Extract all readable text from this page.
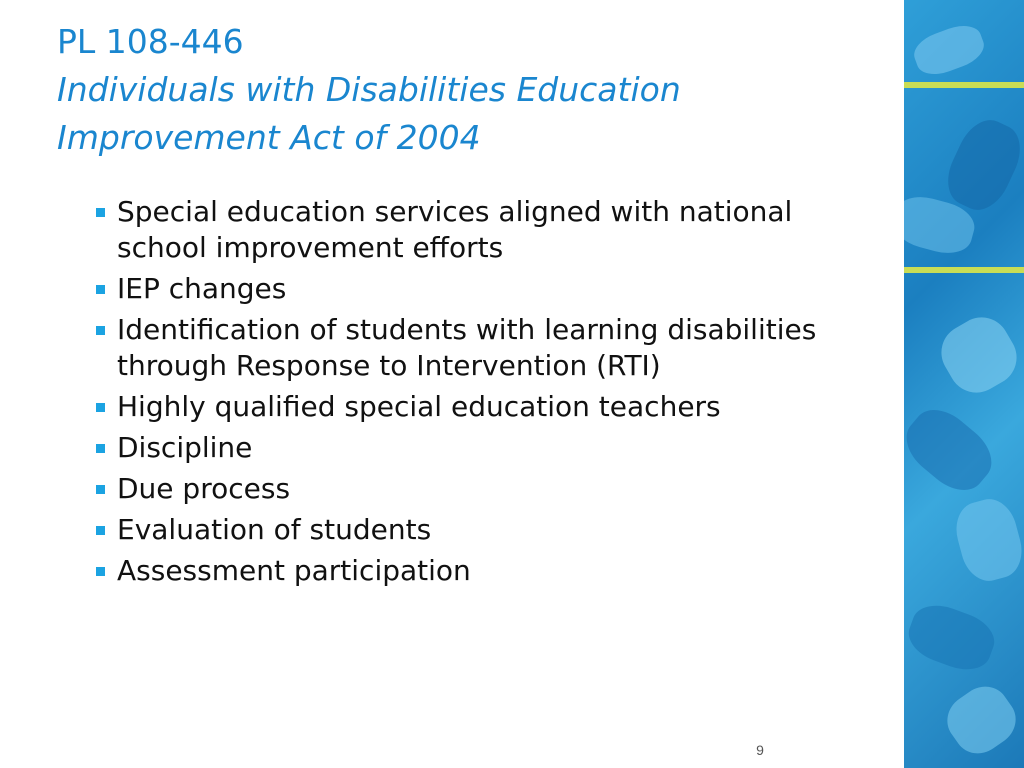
PL 108-446
Individuals with Disabilities Education
Improvement Act of 2004
Special education services aligned with national school improvement efforts
IEP changes
Identification of students with learning disabilities through Response to Intervention (RTI)
Highly qualified special education teachers
Discipline
Due process
Evaluation of students
Assessment participation
9
